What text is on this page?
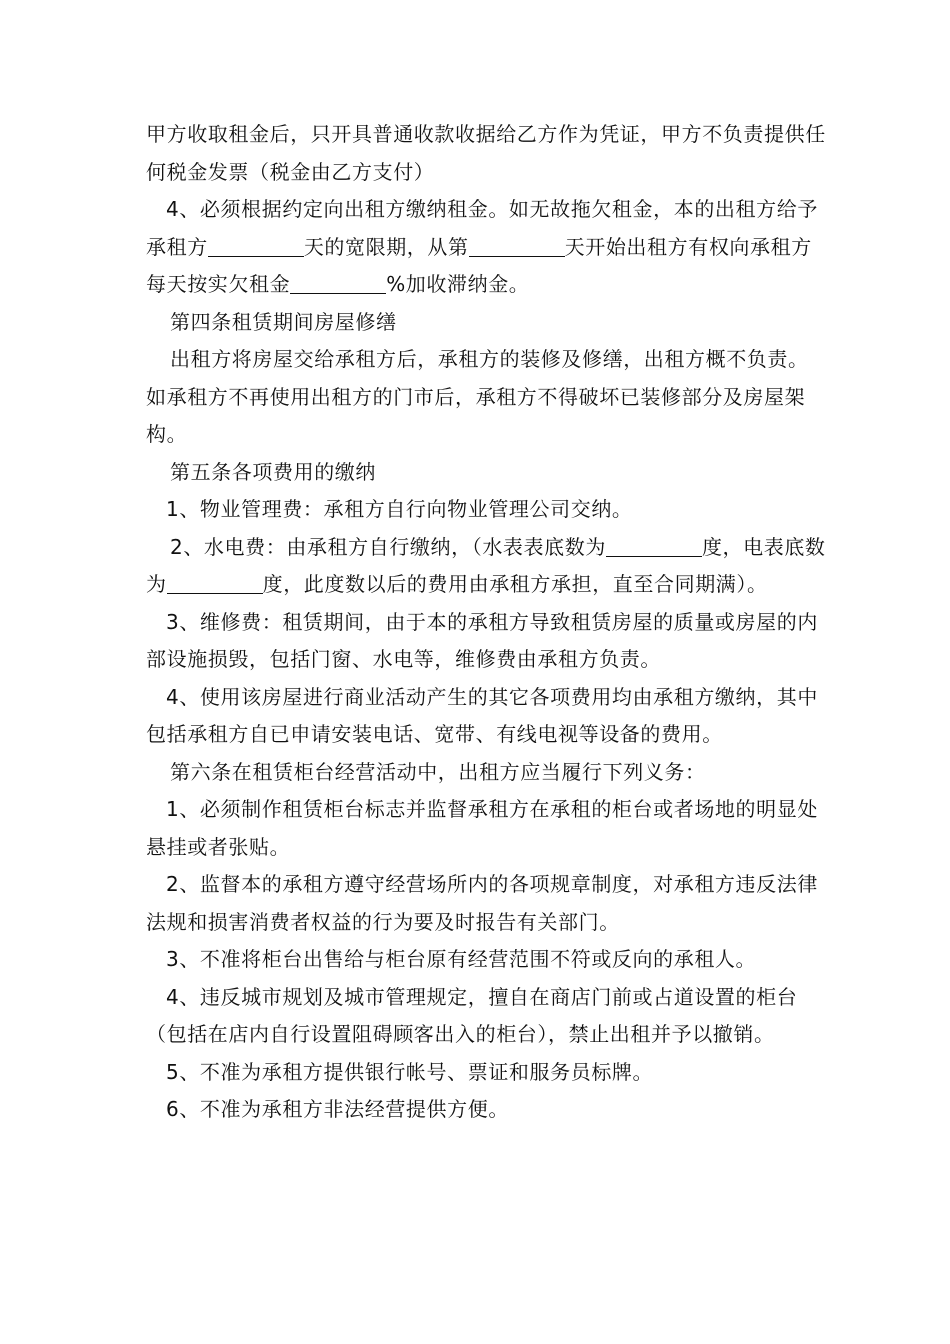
甲方收取租金后，只开具普通收款收据给乙方作为凭证，甲方不负责提供任何税金发票（税金由乙方支付）

4、必须根据约定向出租方缴纳租金。如无故拖欠租金，本的出租方给予承租方	天的宽限期，从第	天开始出租方有权向承租方每天按实欠租金	%加收滞纳金。

第四条租赁期间房屋修缮

出租方将房屋交给承租方后，承租方的装修及修缮，出租方概不负责。如承租方不再使用出租方的门市后，承租方不得破坏已装修部分及房屋架构。

第五条各项费用的缴纳

1、物业管理费：承租方自行向物业管理公司交纳。

2、水电费：由承租方自行缴纳，（水表表底数为	度，电表底数为	度，此度数以后的费用由承租方承担，直至合同期满）。

3、维修费：租赁期间，由于本的承租方导致租赁房屋的质量或房屋的内部设施损毁，包括门窗、水电等，维修费由承租方负责。

4、使用该房屋进行商业活动产生的其它各项费用均由承租方缴纳，其中包括承租方自已申请安装电话、宽带、有线电视等设备的费用。

第六条在租赁柜台经营活动中，出租方应当履行下列义务：

1、必须制作租赁柜台标志并监督承租方在承租的柜台或者场地的明显处悬挂或者张贴。

2、监督本的承租方遵守经营场所内的各项规章制度，对承租方违反法律法规和损害消费者权益的行为要及时报告有关部门。

3、不准将柜台出售给与柜台原有经营范围不符或反向的承租人。

4、违反城市规划及城市管理规定，擅自在商店门前或占道设置的柜台（包括在店内自行设置阻碍顾客出入的柜台），禁止出租并予以撤销。

5、不准为承租方提供银行帐号、票证和服务员标牌。

6、不准为承租方非法经营提供方便。
